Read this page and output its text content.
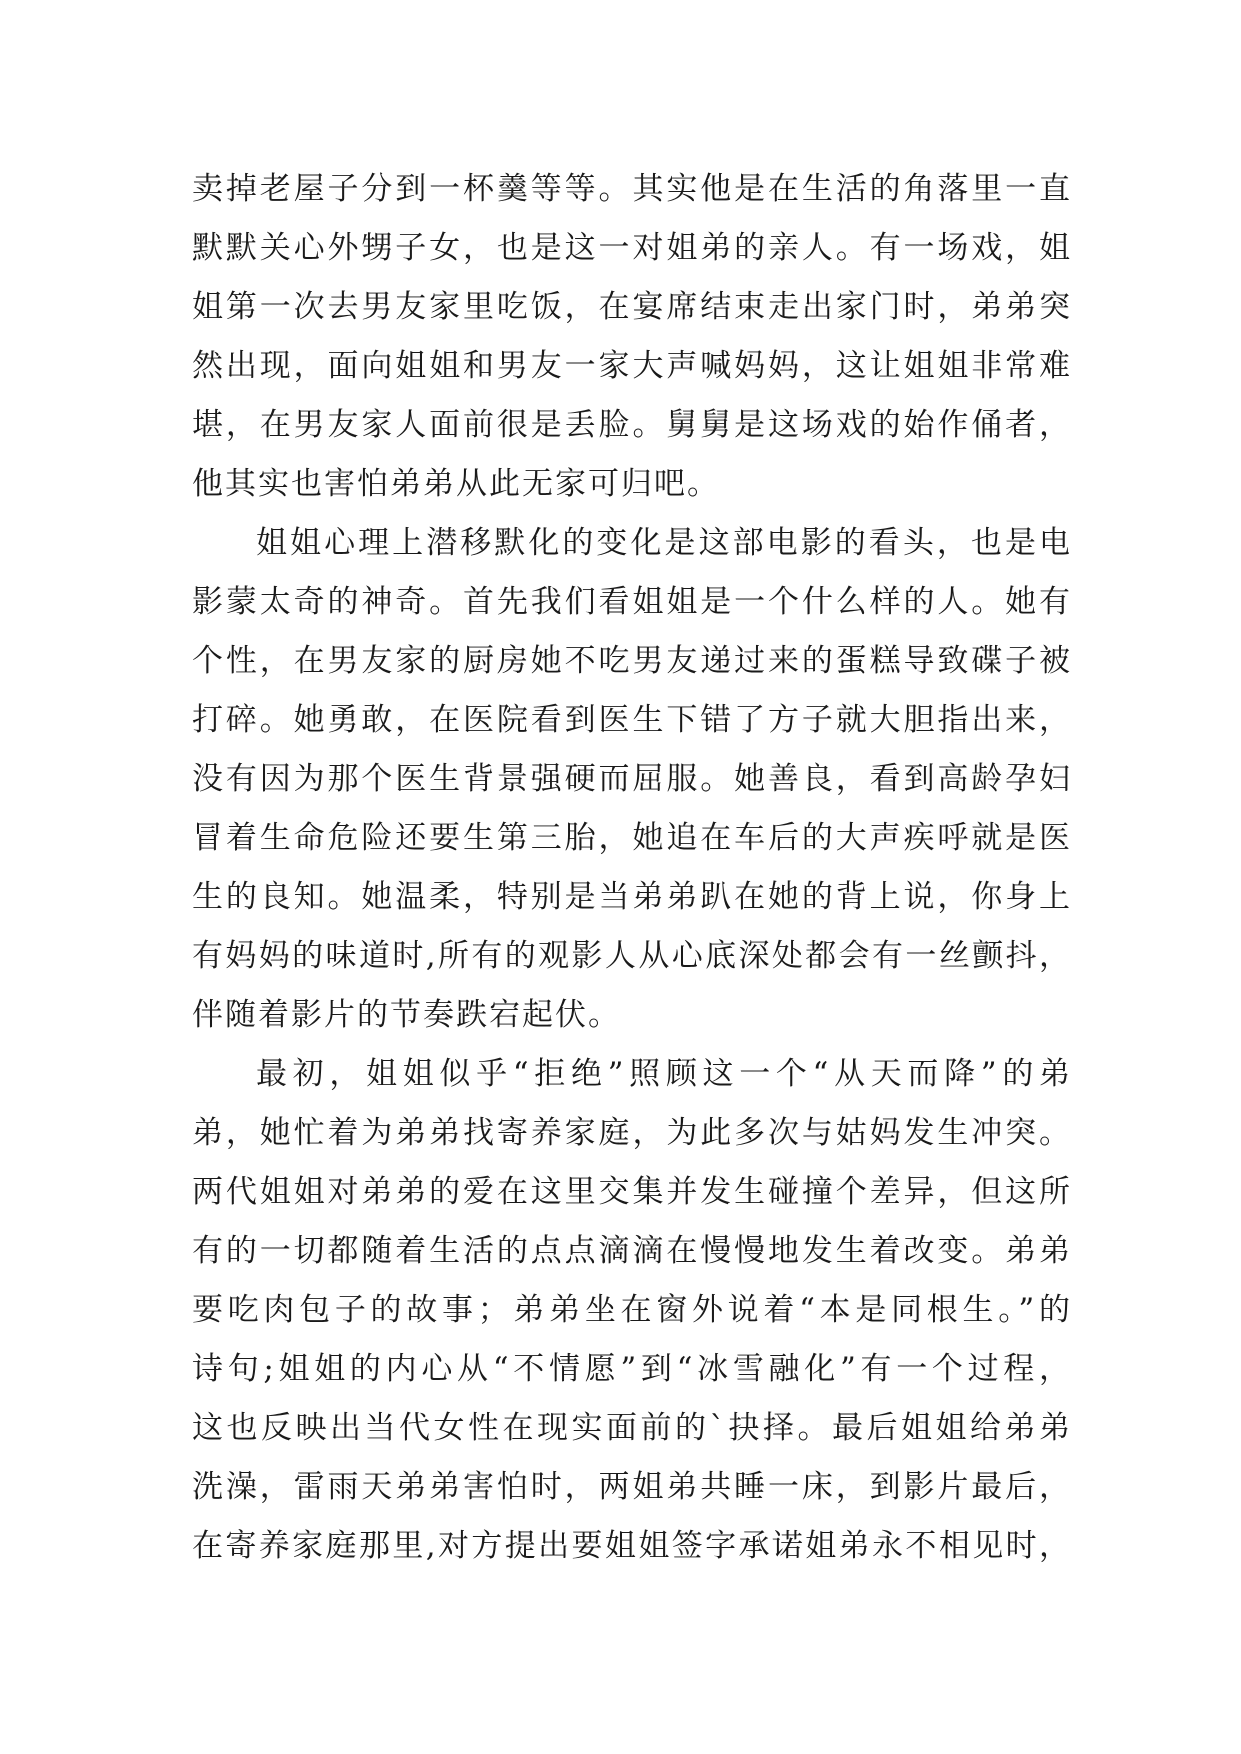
卖掉老屋子分到一杯羹等等。其实他是在生活的角落里一直
默默关心外甥子女，也是这一对姐弟的亲人。有一场戏，姐
姐第一次去男友家里吃饭，在宴席结束走出家门时，弟弟突
然出现，面向姐姐和男友一家大声喊妈妈，这让姐姐非常难
堪，在男友家人面前很是丢脸。舅舅是这场戏的始作俑者，
他其实也害怕弟弟从此无家可归吧。
姐姐心理上潜移默化的变化是这部电影的看头，也是电
影蒙太奇的神奇。首先我们看姐姐是一个什么样的人。她有
个性，在男友家的厨房她不吃男友递过来的蛋糕导致碟子被
打碎。她勇敢，在医院看到医生下错了方子就大胆指出来，
没有因为那个医生背景强硬而屈服。她善良，看到高龄孕妇
冒着生命危险还要生第三胎，她追在车后的大声疾呼就是医
生的良知。她温柔，特别是当弟弟趴在她的背上说，你身上
有妈妈的味道时,所有的观影人从心底深处都会有一丝颤抖，
伴随着影片的节奏跌宕起伏。
最初，姐姐似乎“拒绝”照顾这一个“从天而降”的弟
弟，她忙着为弟弟找寄养家庭，为此多次与姑妈发生冲突。
两代姐姐对弟弟的爱在这里交集并发生碰撞个差异，但这所
有的一切都随着生活的点点滴滴在慢慢地发生着改变。弟弟
要吃肉包子的故事；弟弟坐在窗外说着“本是同根生。”的
诗句;姐姐的内心从“不情愿”到“冰雪融化”有一个过程，
这也反映出当代女性在现实面前的`抉择。最后姐姐给弟弟
洗澡，雷雨天弟弟害怕时，两姐弟共睡一床，到影片最后，
在寄养家庭那里,对方提出要姐姐签字承诺姐弟永不相见时，
